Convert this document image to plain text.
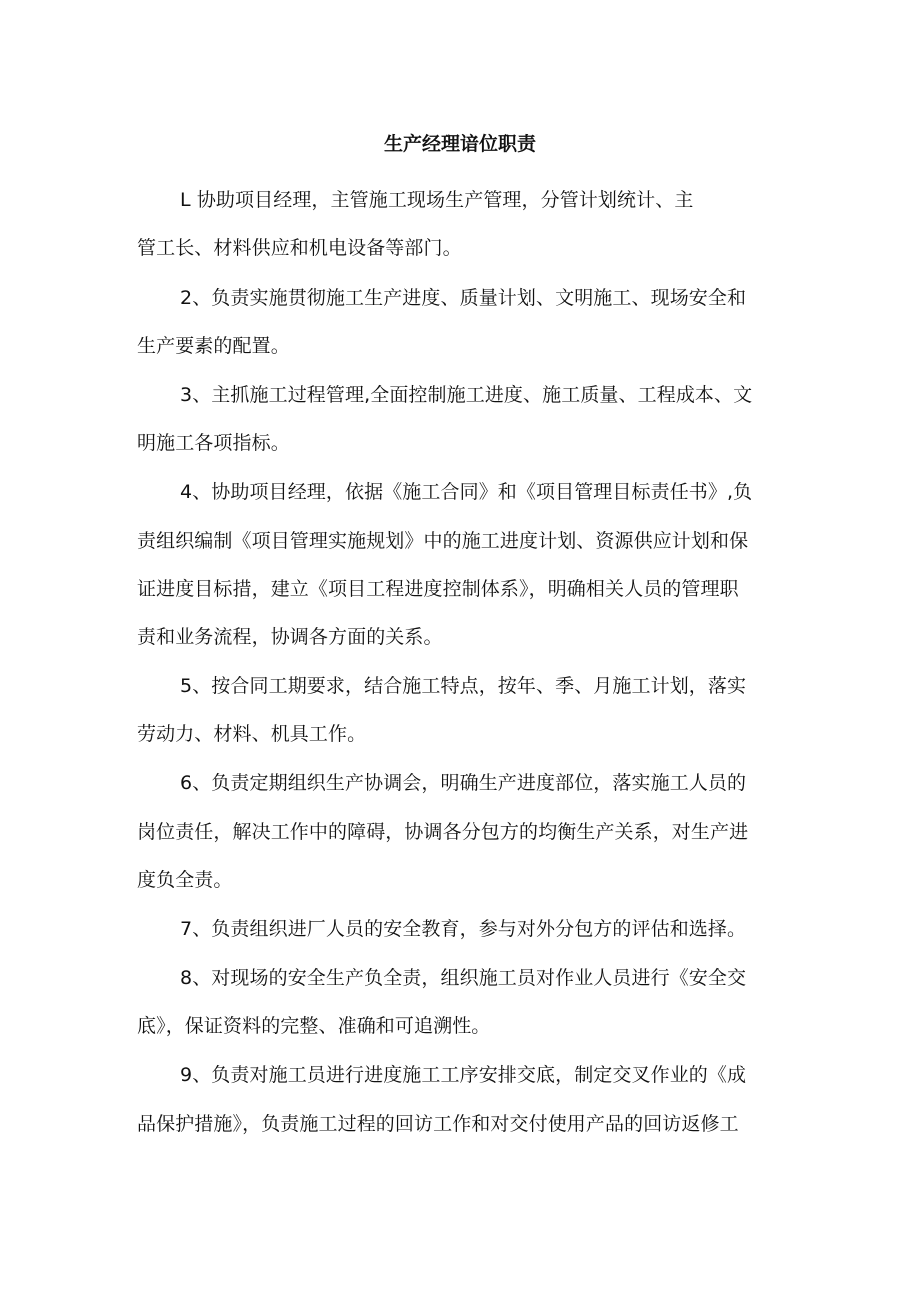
生产经理谙位职责
L 协助项目经理，主管施工现场生产管理，分管计划统计、主
管工长、材料供应和机电设备等部门。
2、负责实施贯彻施工生产进度、质量计划、文明施工、现场安全和
生产要素的配置。
3、主抓施工过程管理,全面控制施工进度、施工质量、工程成本、文
明施工各项指标。
4、协助项目经理，依据《施工合同》和《项目管理目标责任书》,负
责组织编制《项目管理实施规划》中的施工进度计划、资源供应计划和保
证进度目标措，建立《项目工程进度控制体系》，明确相关人员的管理职
责和业务流程，协调各方面的关系。
5、按合同工期要求，结合施工特点，按年、季、月施工计划，落实
劳动力、材料、机具工作。
6、负责定期组织生产协调会，明确生产进度部位，落实施工人员的
岗位责任，解决工作中的障碍，协调各分包方的均衡生产关系，对生产进
度负全责。
7、负责组织进厂人员的安全教育，参与对外分包方的评估和选择。
8、对现场的安全生产负全责，组织施工员对作业人员进行《安全交
底》，保证资料的完整、准确和可追溯性。
9、负责对施工员进行进度施工工序安排交底，制定交叉作业的《成
品保护措施》，负责施工过程的回访工作和对交付使用产品的回访返修工
